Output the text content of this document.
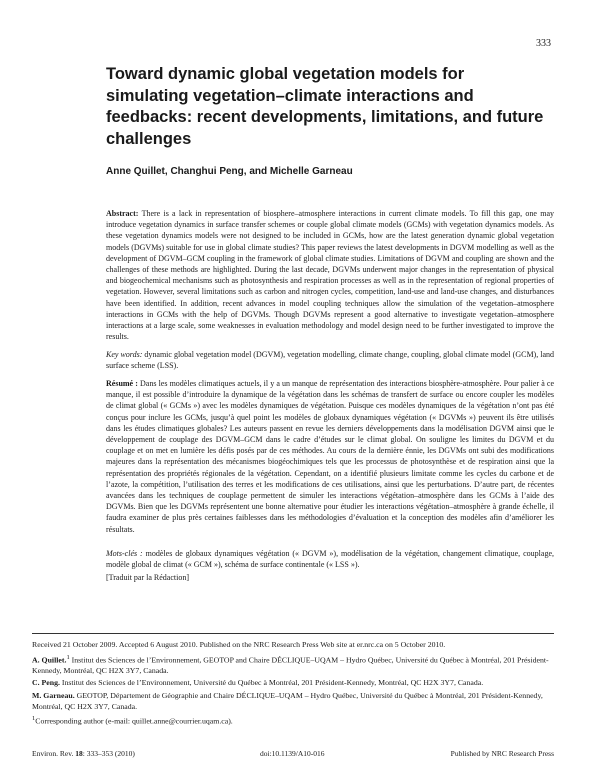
333
Toward dynamic global vegetation models for simulating vegetation–climate interactions and feedbacks: recent developments, limitations, and future challenges
Anne Quillet, Changhui Peng, and Michelle Garneau

Abstract: There is a lack in representation of biosphere–atmosphere interactions in current climate models. To fill this gap, one may introduce vegetation dynamics in surface transfer schemes or couple global climate models (GCMs) with vegetation dynamics models. As these vegetation dynamics models were not designed to be included in GCMs, how are the latest generation dynamic global vegetation models (DGVMs) suitable for use in global climate studies? This paper reviews the latest developments in DGVM modelling as well as the development of DGVM–GCM coupling in the framework of global climate studies. Limitations of DGVM and coupling are shown and the challenges of these methods are highlighted. During the last decade, DGVMs underwent major changes in the representation of physical and biogeochemical mechanisms such as photosynthesis and respiration processes as well as in the representation of regional properties of vegetation. However, several limitations such as carbon and nitrogen cycles, competition, land-use and land-use changes, and disturbances have been identified. In addition, recent advances in model coupling techniques allow the simulation of the vegetation–atmosphere interactions in GCMs with the help of DGVMs. Though DGVMs represent a good alternative to investigate vegetation–atmosphere interactions at a large scale, some weaknesses in evaluation methodology and model design need to be further investigated to improve the results.

Key words: dynamic global vegetation model (DGVM), vegetation modelling, climate change, coupling, global climate model (GCM), land surface scheme (LSS).

Résumé : Dans les modèles climatiques actuels, il y a un manque de représentation des interactions biosphère-atmosphère. Pour palier à ce manque, il est possible d’introduire la dynamique de la végétation dans les schémas de transfert de surface ou encore coupler les modèles de climat global (« GCMs ») avec les modèles dynamiques de végétation. Puisque ces modèles dynamiques de la végétation n’ont pas été conçus pour inclure les GCMs, jusqu’à quel point les modèles de globaux dynamiques végétation (« DGVMs ») peuvent ils être utilisés dans les études climatiques globales? Les auteurs passent en revue les derniers développements dans la modélisation DGVM ainsi que le développement de couplage des DGVM–GCM dans le cadre d’études sur le climat global. On souligne les limites du DGVM et du couplage et on met en lumière les défis posés par de ces méthodes. Au cours de la dernière énnie, les DGVMs ont subi des modifications majeures dans la représentation des mécanismes biogéochimiques tels que les processus de photosynthèse et de respiration ainsi que la représentation des propriétés régionales de la végétation. Cependant, on a identifié plusieurs limitate comme les cycles du carbone et de l’azote, la compétition, l’utilisation des terres et les modifications de ces utilisations, ainsi que les perturbations. D’autre part, de récentes avancées dans les techniques de couplage permettent de simuler les interactions végétation–atmosphère dans les GCMs à l’aide des DGVMs. Bien que les DGVMs représentent une bonne alternative pour étudier les interactions végétation–atmosphère à grande échelle, il faudra examiner de plus près certaines faiblesses dans les méthodologies d’évaluation et la conception des modèles afin d’améliorer les résultats.

Mots-clés : modèles de globaux dynamiques végétation (« DGVM »), modélisation de la végétation, changement climatique, couplage, modèle global de climat (« GCM »), schéma de surface continentale (« LSS »).

[Traduit par la Rédaction]

Received 21 October 2009. Accepted 6 August 2010. Published on the NRC Research Press Web site at er.nrc.ca on 5 October 2010.

A. Quillet.$^1$ Institut des Sciences de l’Environnement, GEOTOP and Chaire DÉCLIQUE–UQAM – Hydro Québec, Université du Québec à Montréal, 201 Président-Kennedy, Montréal, QC H2X 3Y7, Canada.

C. Peng. Institut des Sciences de l’Environnement, Université du Québec à Montréal, 201 Président-Kennedy, Montréal, QC H2X 3Y7, Canada.

M. Garneau. GEOTOP, Département de Géographie and Chaire DÉCLIQUE–UQAM – Hydro Québec, Université du Québec à Montréal, 201 Président-Kennedy, Montréal, QC H2X 3Y7, Canada.

$^1$Corresponding author (e-mail: quillet.anne@courrier.uqam.ca).

Environ. Rev. 18: 333–353 (2010)	doi:10.1139/A10-016	Published by NRC Research Press
